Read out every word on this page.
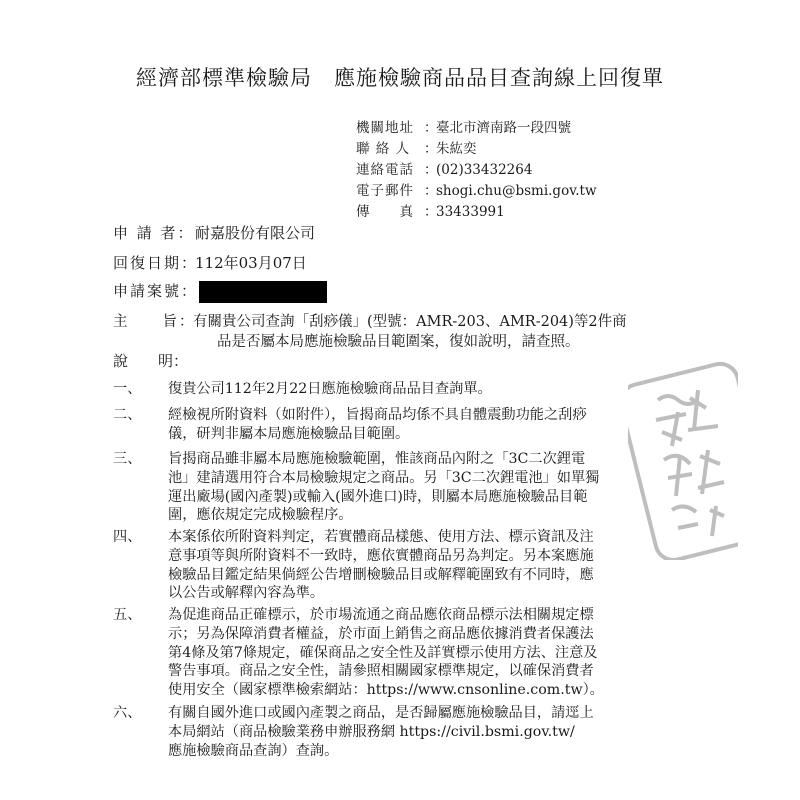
經濟部標準檢驗局　應施檢驗商品品目查詢線上回復單
機關地址 ：臺北市濟南路一段四號
聯 絡 人 ：朱紘奕
連絡電話 ：(02)33432264
電子郵件 ：shogi.chu@bsmi.gov.tw
傳　　真 ：33433991
申 請 者：耐嘉股份有限公司
回復日期：112年03月07日
申請案號：
主　　旨：
有關貴公司查詢「刮痧儀」(型號：AMR-203、AMR-204)等2件商
品是否屬本局應施檢驗品目範圍案，復如說明，請查照。
說　　明：
一、	復貴公司112年2月22日應施檢驗商品品目查詢單。
二、	經檢視所附資料（如附件），旨揭商品均係不具自體震動功能之刮痧
儀，研判非屬本局應施檢驗品目範圍。
三、	旨揭商品雖非屬本局應施檢驗範圍，惟該商品內附之「3C二次鋰電
池」建請選用符合本局檢驗規定之商品。另「3C二次鋰電池」如單獨
運出廠場(國內產製)或輸入(國外進口)時，則屬本局應施檢驗品目範
圍，應依規定完成檢驗程序。
四、	本案係依所附資料判定，若實體商品樣態、使用方法、標示資訊及注
意事項等與所附資料不一致時，應依實體商品另為判定。另本案應施
檢驗品目鑑定結果倘經公告增刪檢驗品目或解釋範圍致有不同時，應
以公告或解釋內容為準。
五、	為促進商品正確標示，於市場流通之商品應依商品標示法相關規定標
示；另為保障消費者權益，於市面上銷售之商品應依據消費者保護法
第4條及第7條規定，確保商品之安全性及詳實標示使用方法、注意及
警告事項。商品之安全性，請參照相關國家標準規定，以確保消費者
使用安全（國家標準檢索網站：https://www.cnsonline.com.tw）。
六、	有關自國外進口或國內產製之商品，是否歸屬應施檢驗品目，請逕上
本局網站（商品檢驗業務申辦服務網 https://civil.bsmi.gov.tw/
應施檢驗商品查詢）查詢。
